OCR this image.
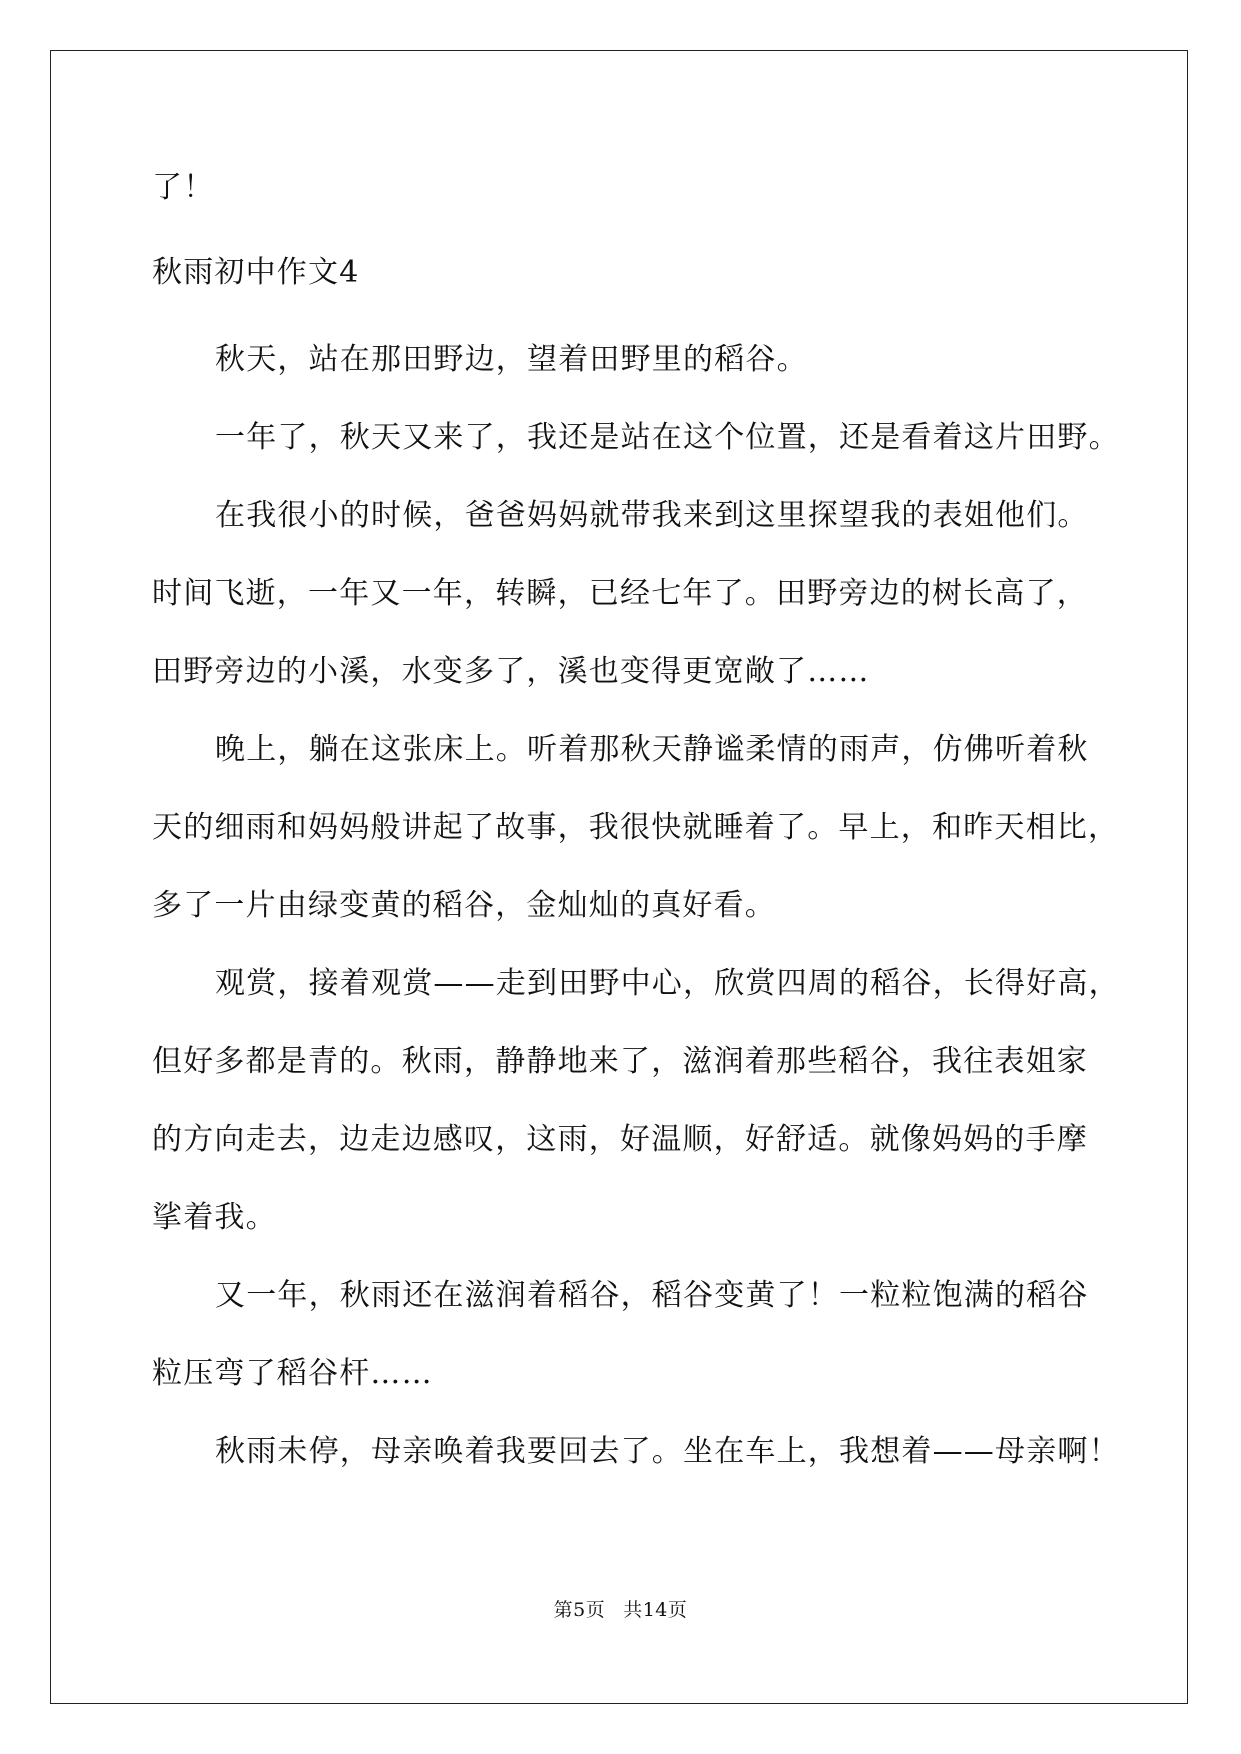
了！
秋雨初中作文4
秋天，站在那田野边，望着田野里的稻谷。
一年了，秋天又来了，我还是站在这个位置，还是看着这片田野。
在我很小的时候，爸爸妈妈就带我来到这里探望我的表姐他们。
时间飞逝，一年又一年，转瞬，已经七年了。田野旁边的树长高了，
田野旁边的小溪，水变多了，溪也变得更宽敞了……
晚上，躺在这张床上。听着那秋天静谧柔情的雨声，仿佛听着秋
天的细雨和妈妈般讲起了故事，我很快就睡着了。早上，和昨天相比，
多了一片由绿变黄的稻谷，金灿灿的真好看。
观赏，接着观赏——走到田野中心，欣赏四周的稻谷，长得好高，
但好多都是青的。秋雨，静静地来了，滋润着那些稻谷，我往表姐家
的方向走去，边走边感叹，这雨，好温顺，好舒适。就像妈妈的手摩
挲着我。
又一年，秋雨还在滋润着稻谷，稻谷变黄了！一粒粒饱满的稻谷
粒压弯了稻谷杆……
秋雨未停，母亲唤着我要回去了。坐在车上，我想着——母亲啊！
第5页 共14页
